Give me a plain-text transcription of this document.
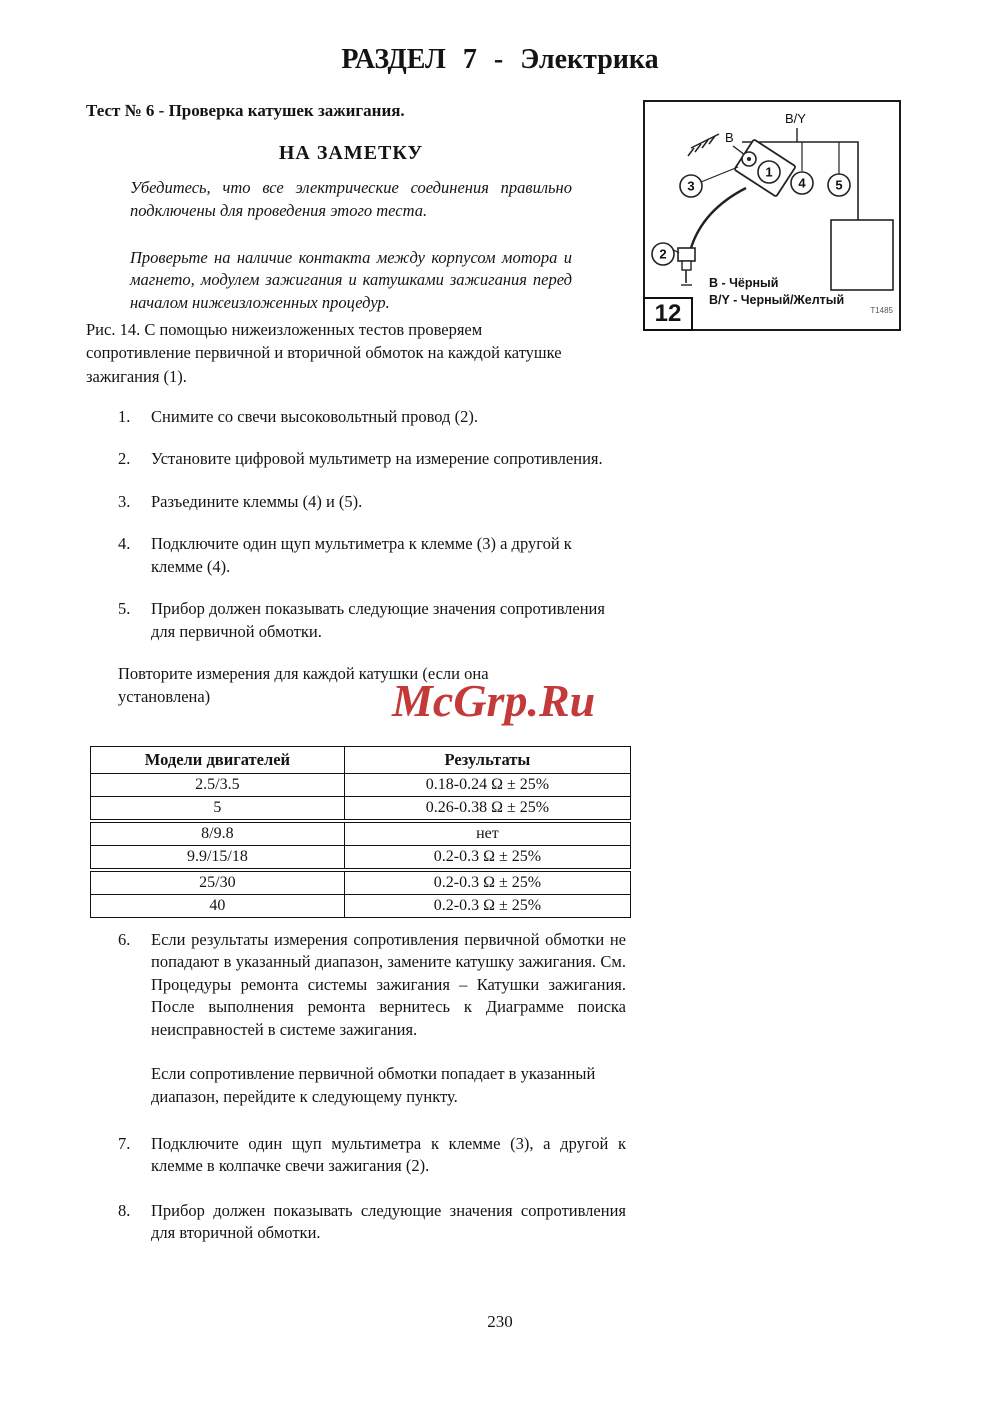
РАЗДЕЛ 7 - Электрика
Тест № 6 - Проверка катушек зажигания.
НА ЗАМЕТКУ

Убедитесь, что все электрические соединения правильно подключены для проведения этого теста.

Проверьте на наличие контакта между корпусом мотора и магнето, модулем зажигания и катушками зажигания перед началом нижеизложенных процедур.

B/Y
B
1
3	4 5
2
В - Чёрный
B/Y - Черный/Желтый
T1485
12

Рис. 14. С помощью нижеизложенных тестов проверяем сопротивление первичной и вторичной обмоток на каждой катушке зажигания (1).

1.	Снимите со свечи высоковольтный провод (2).
2.	Установите цифровой мультиметр на измерение сопротивления.
3.	Разъедините клеммы (4) и (5).
4.	Подключите один щуп мультиметра к клемме (3) а другой к клемме (4).
5.	Прибор должен показывать следующие значения сопротивления для первичной обмотки.
Повторите измерения для каждой катушки (если она установлена)	McGrp.Ru
Модели двигателей	Результаты
2.5/3.5	0.18-0.24 Ω ± 25%
5	0.26-0.38 Ω ± 25%
8/9.8	нет
9.9/15/18	0.2-0.3 Ω ± 25%
25/30	0.2-0.3 Ω ± 25%
40	0.2-0.3 Ω ± 25%
6.	Если результаты измерения сопротивления первичной обмотки не попадают в указанный диапазон, замените катушку зажигания. См. Процедуры ремонта системы зажигания – Катушки зажигания. После выполнения ремонта вернитесь к Диаграмме поиска неисправностей в системе зажигания.
Если сопротивление первичной обмотки попадает в указанный диапазон, перейдите к следующему пункту.
7.	Подключите один щуп мультиметра к клемме (3), а другой к клемме в колпачке свечи зажигания (2).
8.	Прибор должен показывать следующие значения сопротивления для вторичной обмотки.
230
